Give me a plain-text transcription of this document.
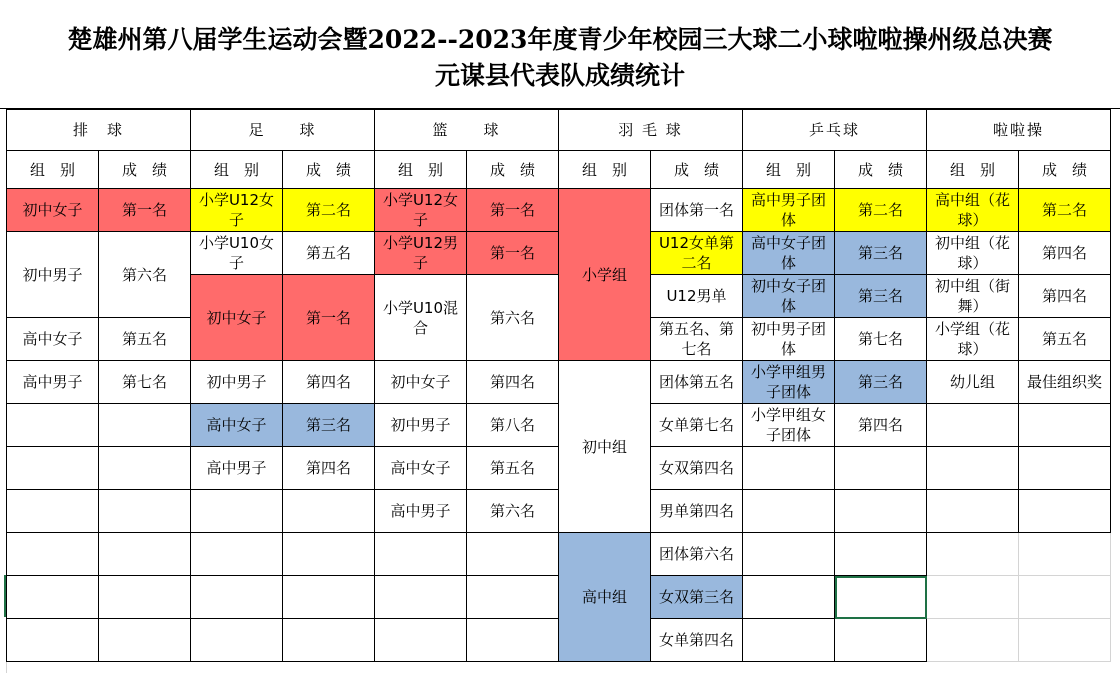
楚雄州第八届学生运动会暨2022--2023年度青少年校园三大球二小球啦啦操州级总决赛
元谋县代表队成绩统计
排　球		足　　球		篮　　球		羽 毛 球		乒乓球		啦啦操	
组　别	成　绩	组　别	成　绩	组　别	成　绩	组　别	成　绩	组　别	成　绩	组　别	成　绩
初中女子	第一名	小学U12女子	第二名	小学U12女子	第一名	小学组	团体第一名	高中男子团体	第二名	高中组（花球）	第二名
初中男子	第六名	小学U10女子	第五名	小学U12男子	第一名		U12女单第二名	高中女子团体	第三名	初中组（花球）	第四名
		初中女子	第一名	小学U10混合	第六名		U12男单	初中女子团体	第三名	初中组（街舞）	第四名
高中女子	第五名						第五名、第七名	初中男子团体	第七名	小学组（花球）	第五名
高中男子	第七名	初中男子	第四名	初中女子	第四名	初中组	团体第五名	小学甲组男子团体	第三名	幼儿组	最佳组织奖
		高中女子	第三名	初中男子	第八名		女单第七名	小学甲组女子团体	第四名		
		高中男子	第四名	高中女子	第五名		女双第四名				
				高中男子	第六名		男单第四名				
						高中组	团体第六名				
							女双第三名				
							女单第四名				
